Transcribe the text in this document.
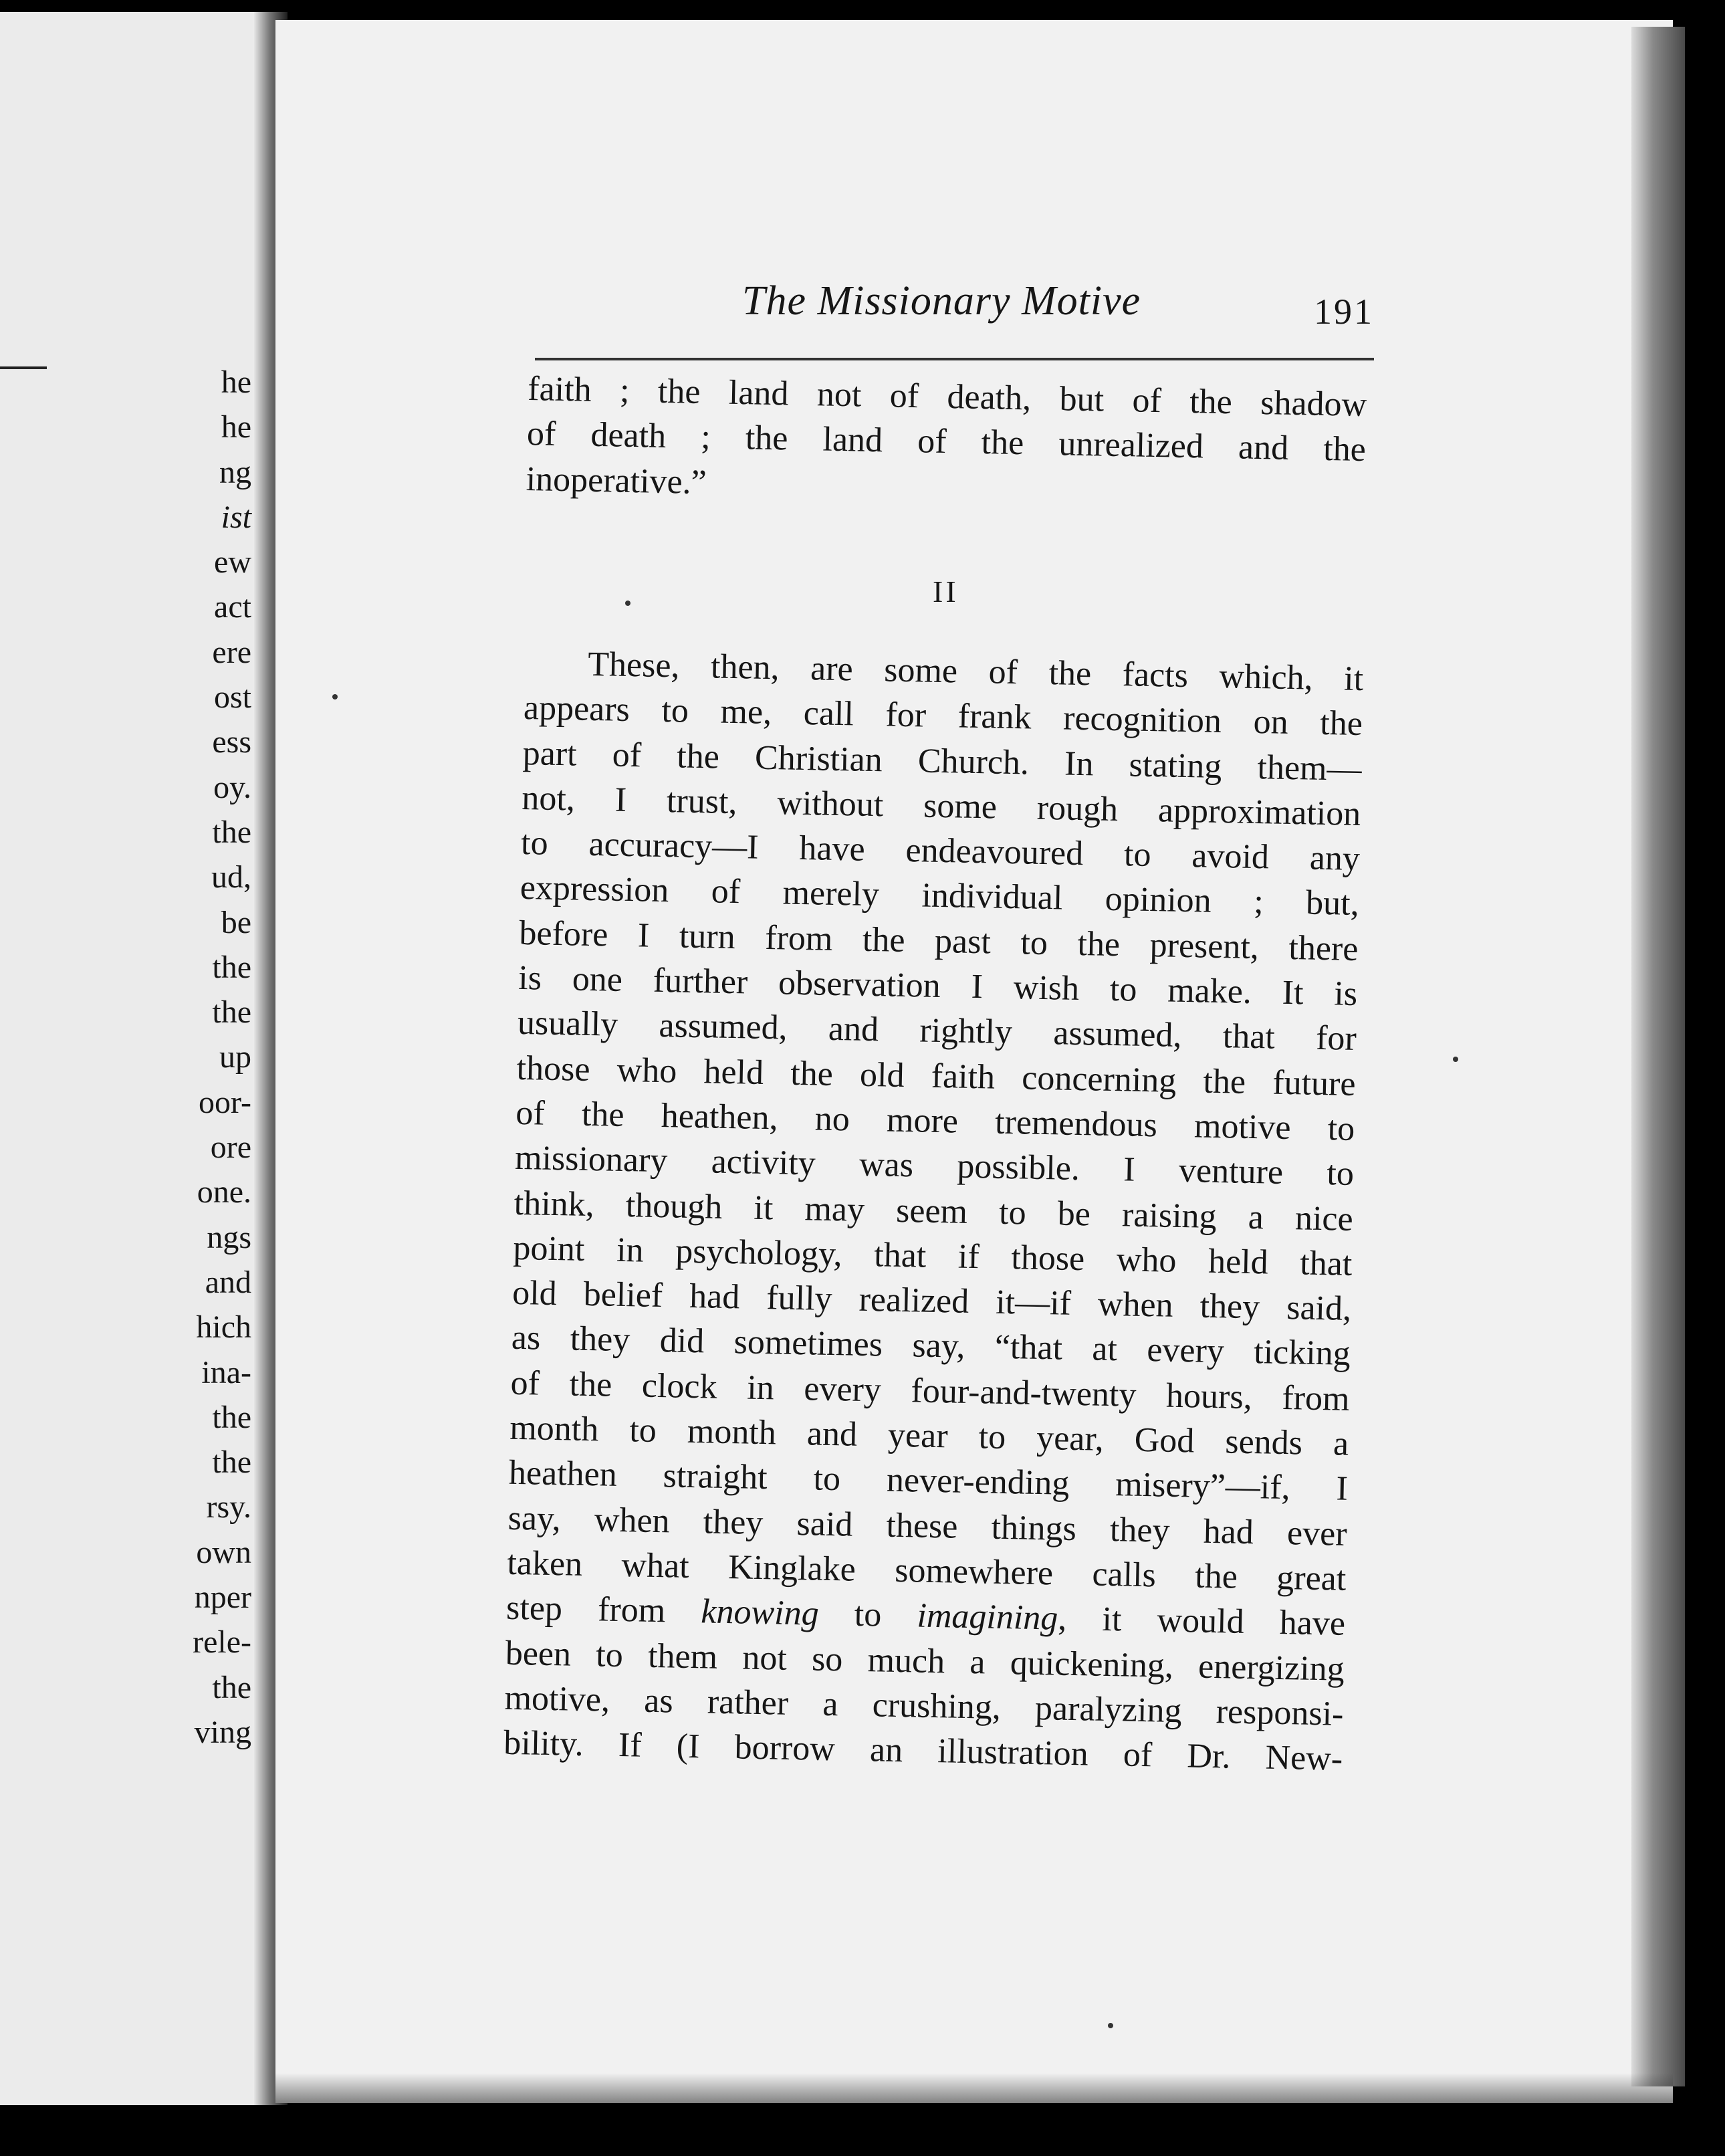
he
he
ng
ist
ew
act
ere
ost
ess
oy.
the
ud,
be
the
the
up
oor-
ore
one.
ngs
and
hich
ina-
the
the
rsy.
own
nper
rele-
the
ving
The Missionary Motive	191
faith ; the land not of death, but of the shadow
of death ; the land of the unrealized and the
inoperative.”
II
These, then, are some of the facts which, it
appears to me, call for frank recognition on the
part of the Christian Church. In stating them—
not, I trust, without some rough approximation
to accuracy—I have endeavoured to avoid any
expression of merely individual opinion ; but,
before I turn from the past to the present, there
is one further observation I wish to make. It is
usually assumed, and rightly assumed, that for
those who held the old faith concerning the future
of the heathen, no more tremendous motive to
missionary activity was possible. I venture to
think, though it may seem to be raising a nice
point in psychology, that if those who held that
old belief had fully realized it—if when they said,
as they did sometimes say, “that at every ticking
of the clock in every four-and-twenty hours, from
month to month and year to year, God sends a
heathen straight to never-ending misery”—if, I
say, when they said these things they had ever
taken what Kinglake somewhere calls the great
step from knowing to imagining, it would have
been to them not so much a quickening, energizing
motive, as rather a crushing, paralyzing responsi-
bility. If (I borrow an illustration of Dr. New-
